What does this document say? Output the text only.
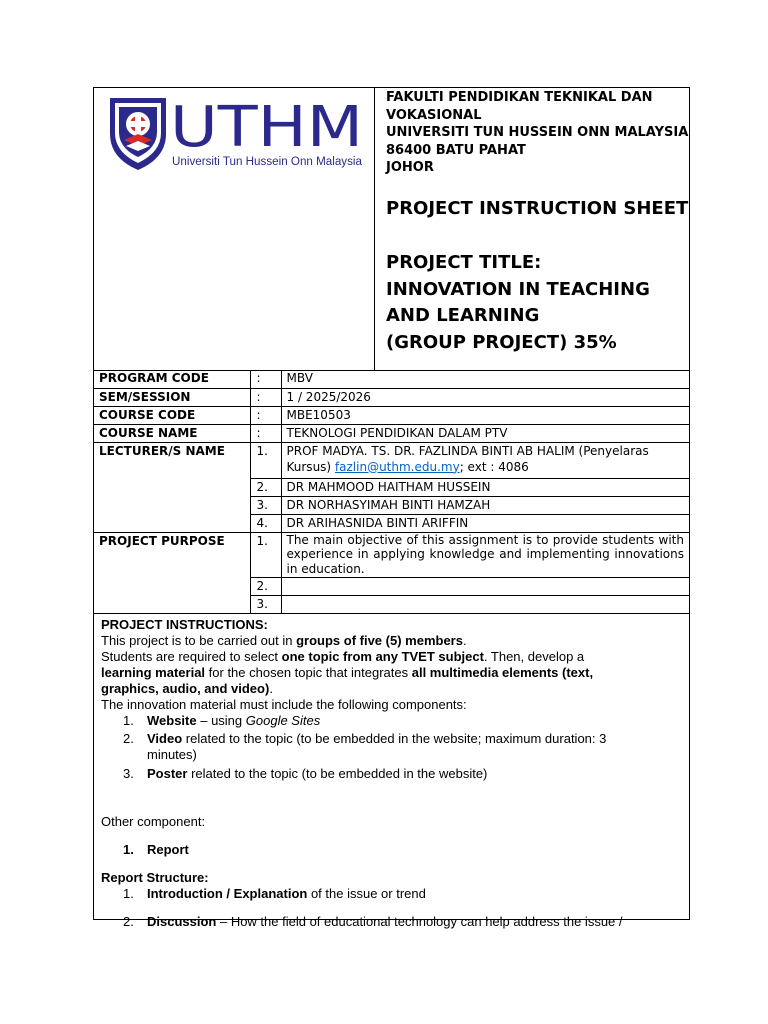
UTHM
Universiti Tun Hussein Onn Malaysia
FAKULTI PENDIDIKAN TEKNIKAL DAN
VOKASIONAL
UNIVERSITI TUN HUSSEIN ONN MALAYSIA
86400 BATU PAHAT
JOHOR
PROJECT INSTRUCTION SHEET
PROJECT TITLE:
INNOVATION IN TEACHING
AND LEARNING
(GROUP PROJECT) 35%
PROGRAM CODE	:	MBV
SEM/SESSION	:	1 / 2025/2026
COURSE CODE	:	MBE10503
COURSE NAME	:	TEKNOLOGI PENDIDIKAN DALAM PTV
LECTURER/S NAME	1.	PROF MADYA. TS. DR. FAZLINDA BINTI AB HALIM (Penyelaras
Kursus) fazlin@uthm.edu.my; ext : 4086

	2.	DR MAHMOOD HAITHAM HUSSEIN
	3.	DR NORHASYIMAH BINTI HAMZAH
	4.	DR ARIHASNIDA BINTI ARIFFIN
PROJECT PURPOSE	1.	The main objective of this assignment is to provide students with experience in applying knowledge and implementing innovations in education.
	2.	
	3.	

PROJECT INSTRUCTIONS:

This project is to be carried out in groups of five (5) members.

Students are required to select one topic from any TVET subject. Then, develop a
learning material for the chosen topic that integrates all multimedia elements (text,
graphics, audio, and video).

The innovation material must include the following components:

1. Website – using Google Sites
2. Video related to the topic (to be embedded in the website; maximum duration: 3
minutes)
3. Poster related to the topic (to be embedded in the website)

Other component:

1. Report

Report Structure:

1. Introduction / Explanation of the issue or trend
2. Discussion – How the field of educational technology can help address the issue /
